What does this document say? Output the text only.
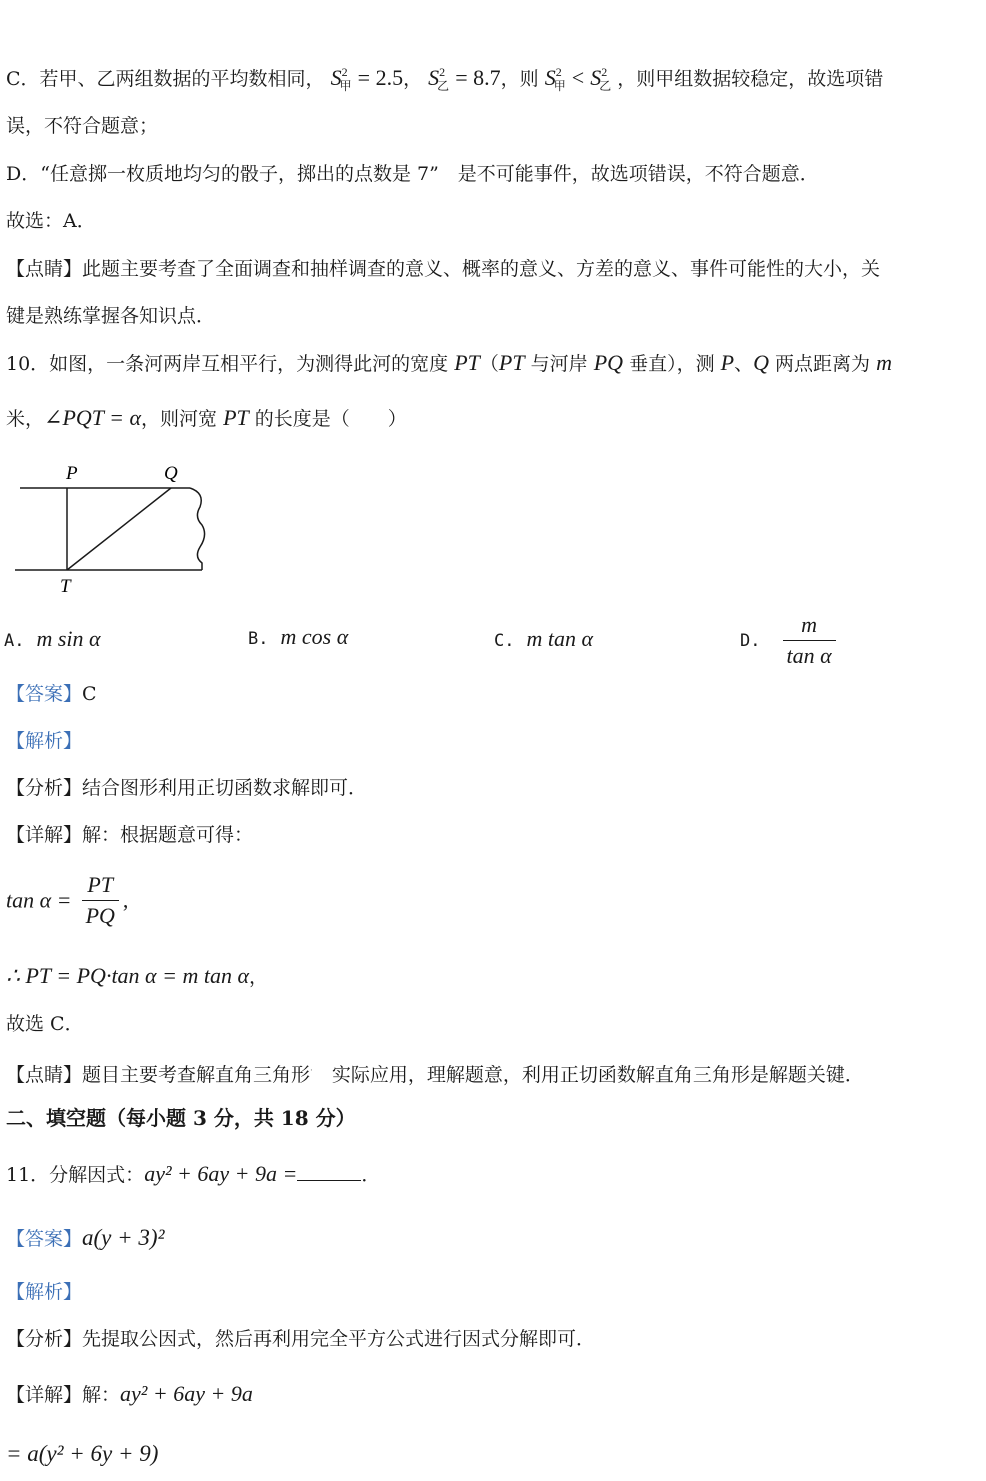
C．若甲、乙两组数据的平均数相同， $S^2_甲 = 2.5$， $S^2_乙 = 8.7$，则 $S^2_甲 < S^2_乙$ ，则甲组数据较稳定，故选项错
误，不符合题意；
D．“任意掷一枚质地均匀的骰子，掷出的点数是 7”　是不可能事件，故选项错误，不符合题意．
故选：A．
【点睛】此题主要考查了全面调查和抽样调查的意义、概率的意义、方差的意义、事件可能性的大小，关
键是熟练掌握各知识点．
10．如图，一条河两岸互相平行，为测得此河的宽度 PT（PT 与河岸 PQ 垂直），测 P、Q 两点距离为 m
米，∠PQT = α，则河宽 PT 的长度是（　　）
P	Q
T
A. m sin α	B. m cos α	C. m tan α	D. $\frac{m}{\text{tan α}}$
【答案】C
【解析】
【分析】结合图形利用正切函数求解即可．
【详解】解：根据题意可得：
$\tan \alpha = \frac{PT}{PQ}$ ,
∴ PT = PQ·tan α = m tan α，
故选 C．
【点睛】题目主要考查解直角三角形·　 实际应用，理解题意，利用正切函数解直角三角形是解题关键．
二、填空题（每小题 3 分，共 18 分）
11．分解因式：ay² + 6ay + 9a =	．
【答案】a(y + 3)²
【解析】
【分析】先提取公因式，然后再利用完全平方公式进行因式分解即可．
【详解】解：ay² + 6ay + 9a
= a(y² + 6y + 9)
